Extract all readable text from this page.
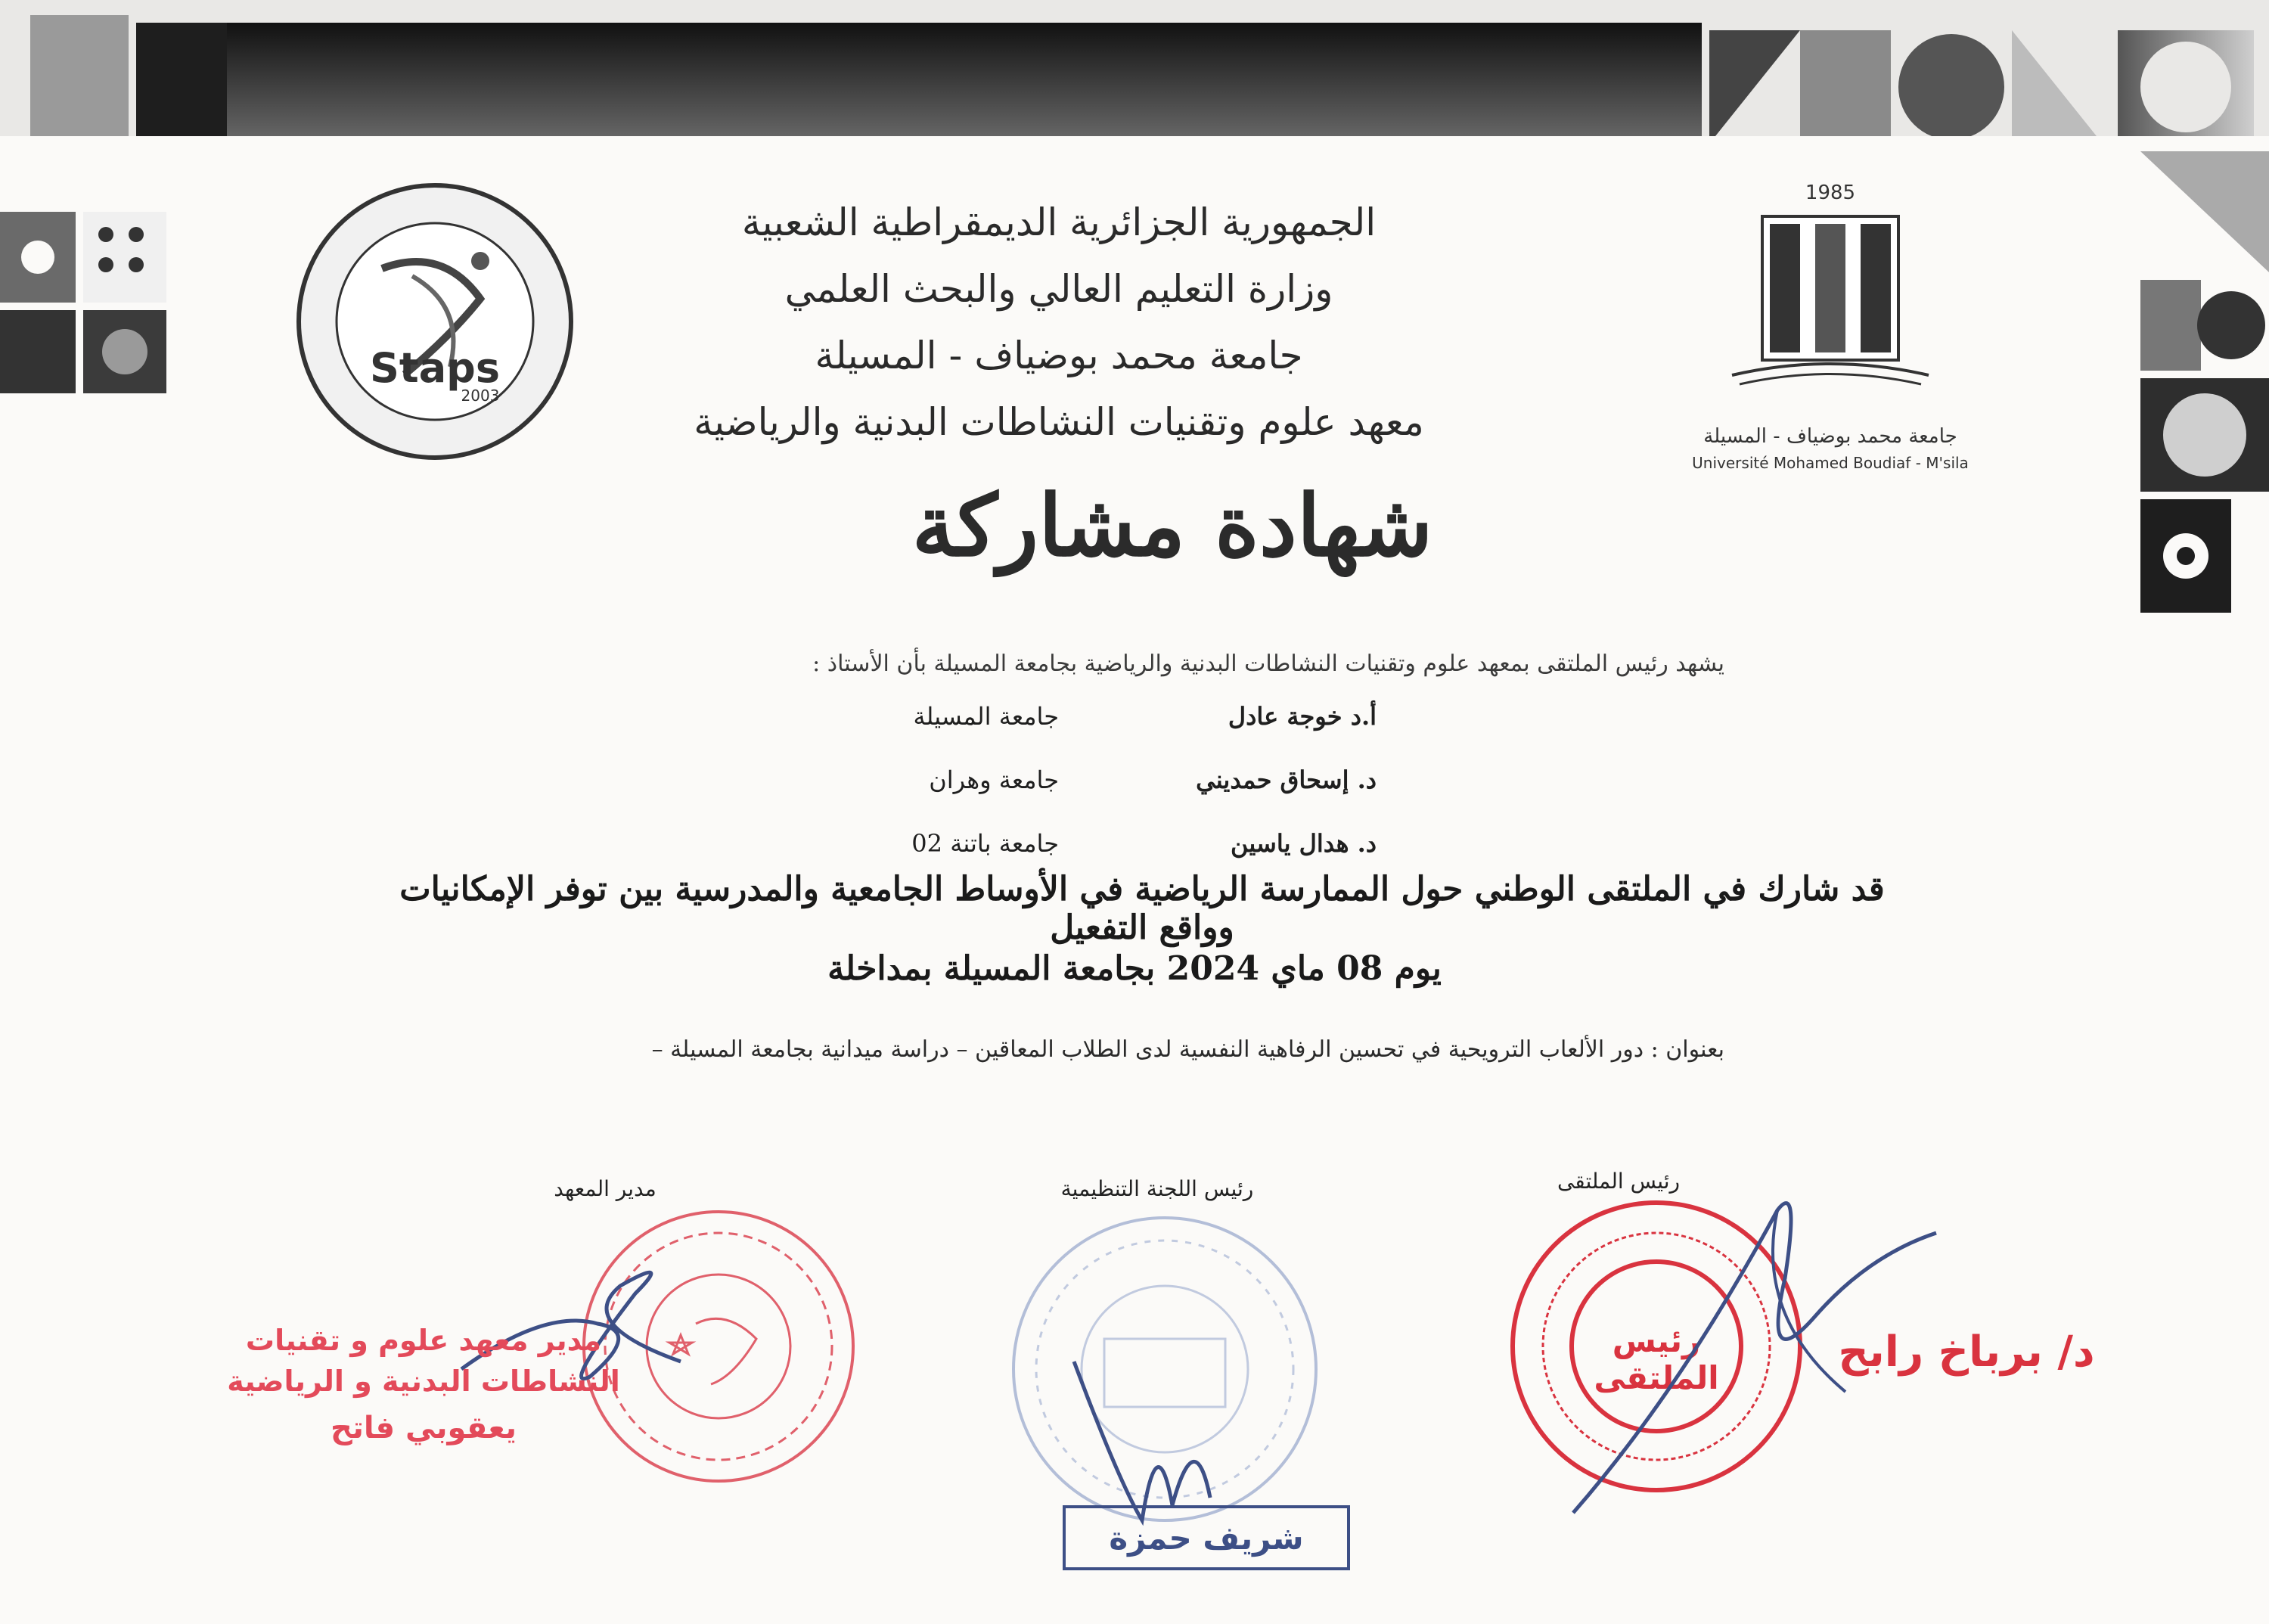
Staps
2003
1985
جامعة محمد بوضياف - المسيلة
Université Mohamed Boudiaf - M'sila
الجمهورية الجزائرية الديمقراطية الشعبية
وزارة التعليم العالي والبحث العلمي
جامعة محمد بوضياف - المسيلة
معهد علوم وتقنيات النشاطات البدنية والرياضية
شهادة مشاركة
يشهد رئيس الملتقى بمعهد علوم وتقنيات النشاطات البدنية والرياضية بجامعة المسيلة بأن الأستاذ :
أ.د خوجة عادل
جامعة المسيلة
د. إسحاق حمديني
جامعة وهران
د. هدال ياسين
جامعة باتنة 02
قد شارك في الملتقى الوطني حول الممارسة الرياضية في الأوساط الجامعية والمدرسية بين توفر الإمكانيات وواقع التفعيل
يوم 08 ماي 2024 بجامعة المسيلة بمداخلة
بعنوان : دور الألعاب الترويحية في تحسين الرفاهية النفسية لدى الطلاب المعاقين – دراسة ميدانية بجامعة المسيلة –
مدير المعهد	رئيس اللجنة التنظيمية	رئيس الملتقى
مدير معهد علوم و تقنيات
النشاطات البدنية و الرياضية
يعقوبي فاتح
شريف حمزة
رئيس الملتقى
د/ برباخ رابح
